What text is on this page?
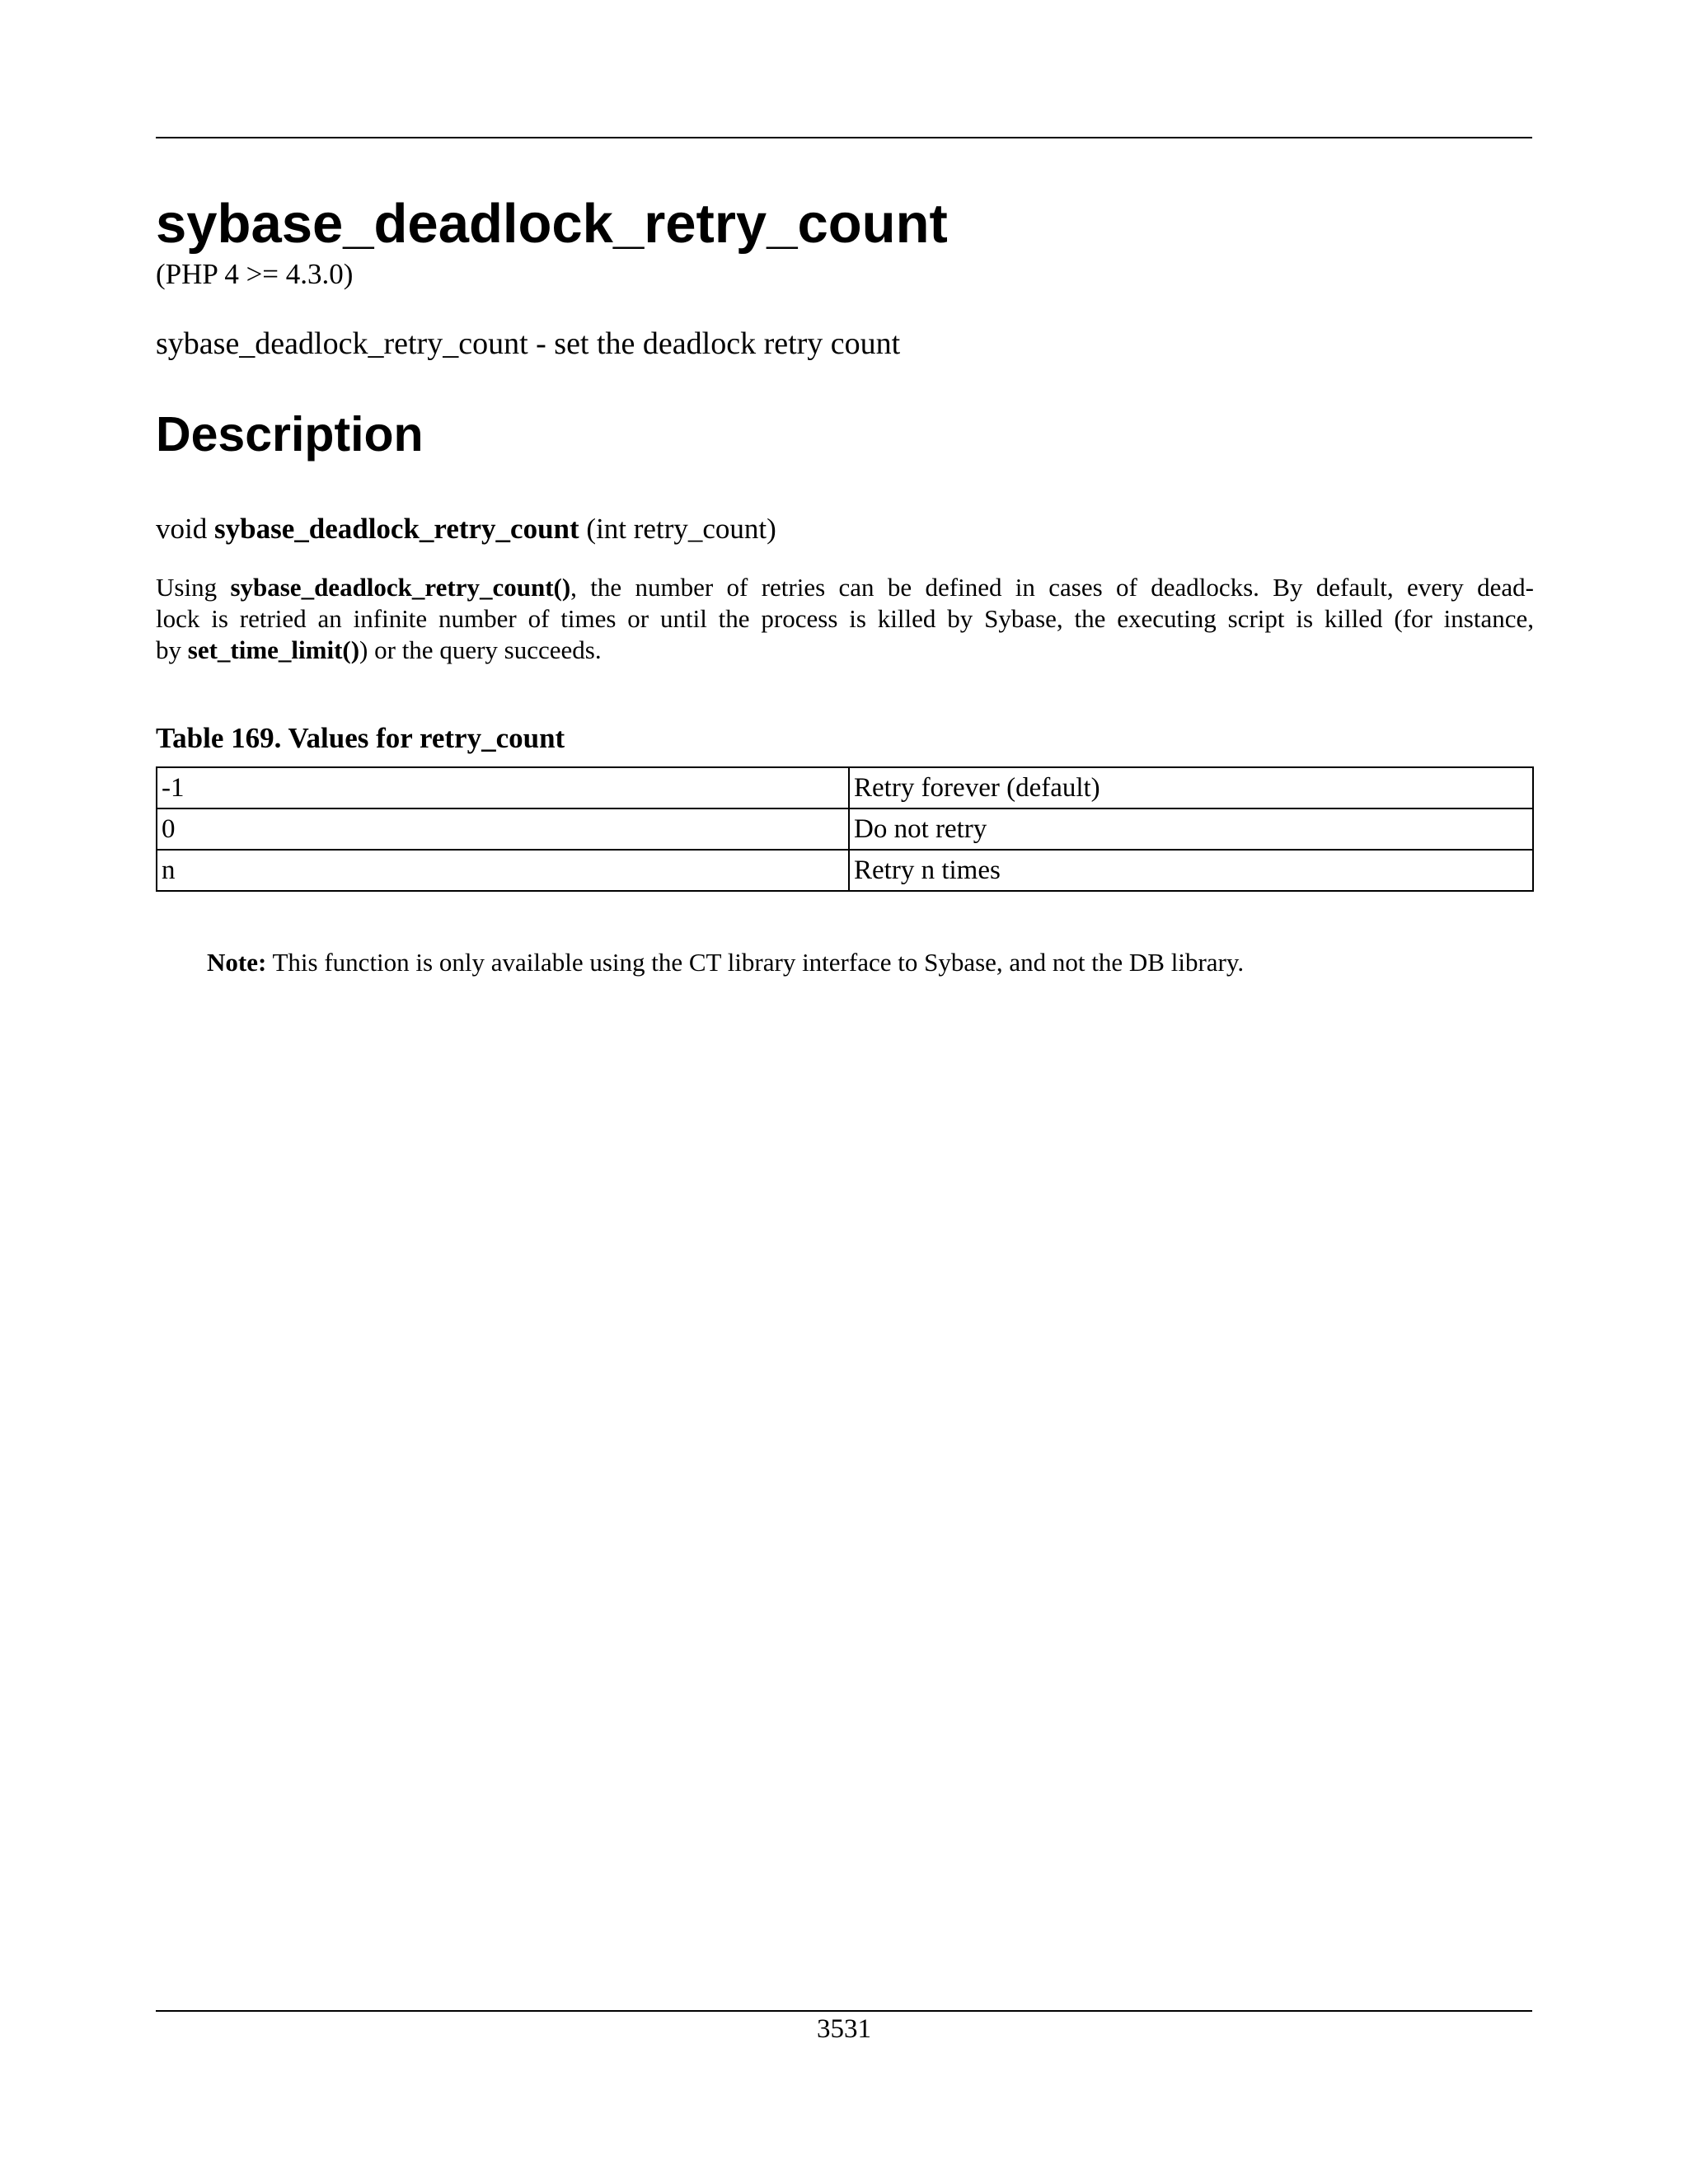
sybase_deadlock_retry_count
(PHP 4 >= 4.3.0)
sybase_deadlock_retry_count - set the deadlock retry count
Description
void sybase_deadlock_retry_count (int retry_count)
Using sybase_deadlock_retry_count(), the number of retries can be defined in cases of deadlocks. By default, every dead-
lock is retried an infinite number of times or until the process is killed by Sybase, the executing script is killed (for instance,
by set_time_limit()) or the query succeeds.
Table 169. Values for retry_count
-1	Retry forever (default)
0	Do not retry
n	Retry n times
Note: This function is only available using the CT library interface to Sybase, and not the DB library.
3531
